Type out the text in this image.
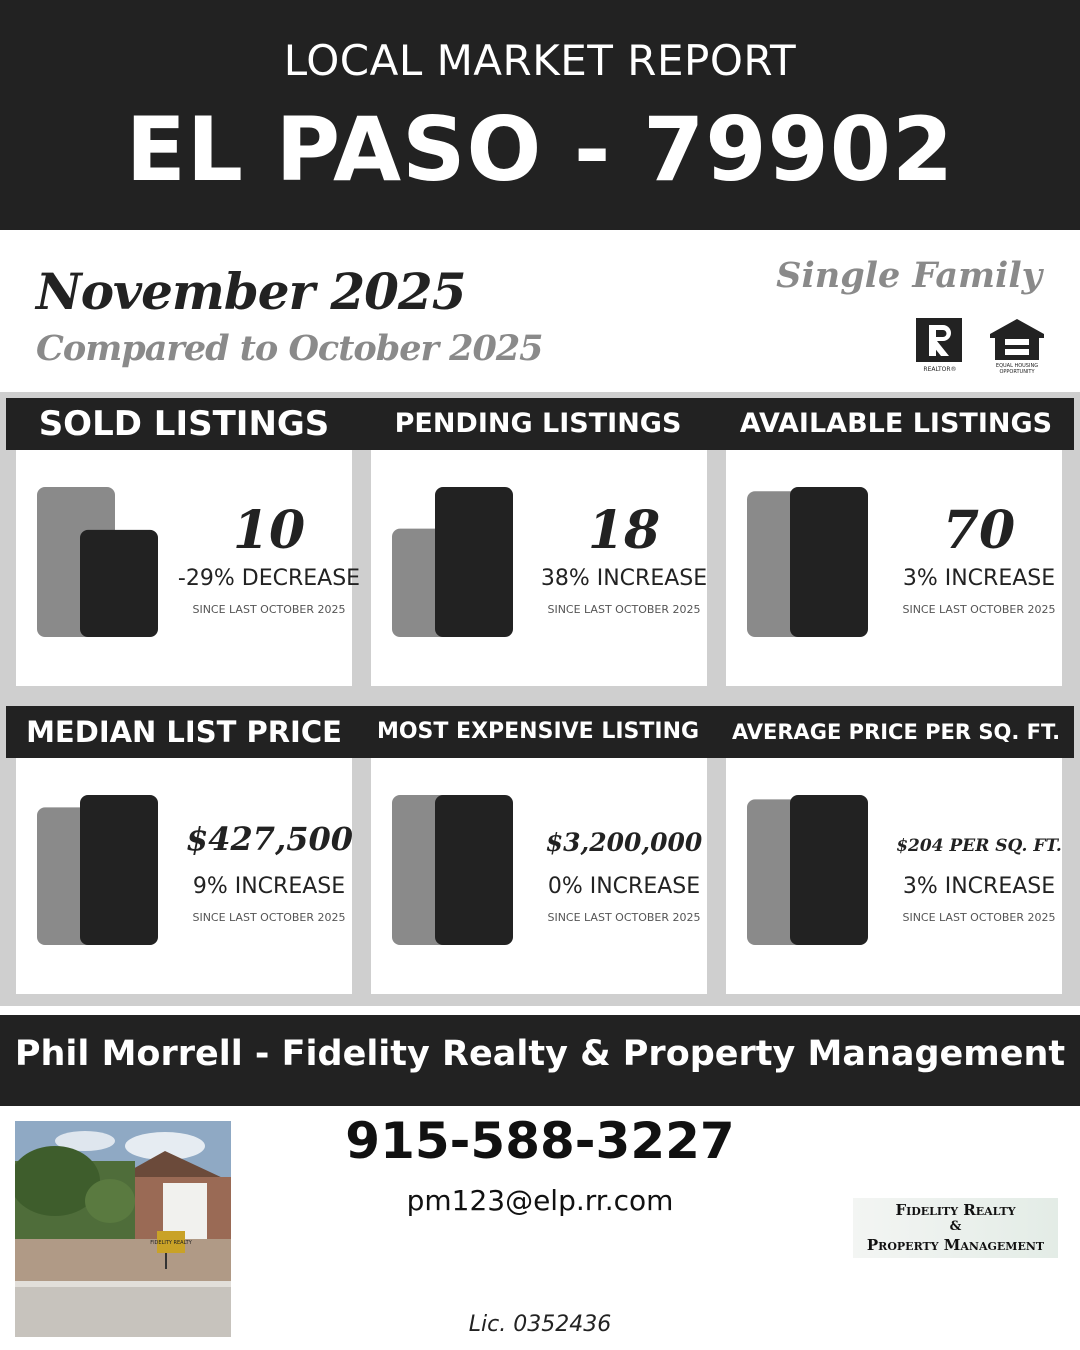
LOCAL MARKET REPORT
EL PASO - 79902
November 2025
Compared to October 2025
Single Family
REALTOR®	EQUAL HOUSING
OPPORTUNITY
SOLD LISTINGS	PENDING LISTINGS	AVAILABLE LISTINGS
MEDIAN LIST PRICE	MOST EXPENSIVE LISTING	AVERAGE PRICE PER SQ. FT.
10
-29% DECREASE
SINCE LAST OCTOBER 2025
18
38% INCREASE
SINCE LAST OCTOBER 2025
70
3% INCREASE
SINCE LAST OCTOBER 2025
$427,500
9% INCREASE
SINCE LAST OCTOBER 2025
$3,200,000
0% INCREASE
SINCE LAST OCTOBER 2025
$204 PER SQ. FT.
3% INCREASE
SINCE LAST OCTOBER 2025
Phil Morrell - Fidelity Realty & Property Management
FIDELITY REALTY
915-588-3227
pm123@elp.rr.com
Lic. 0352436
Fidelity Realty
&
Property Management
